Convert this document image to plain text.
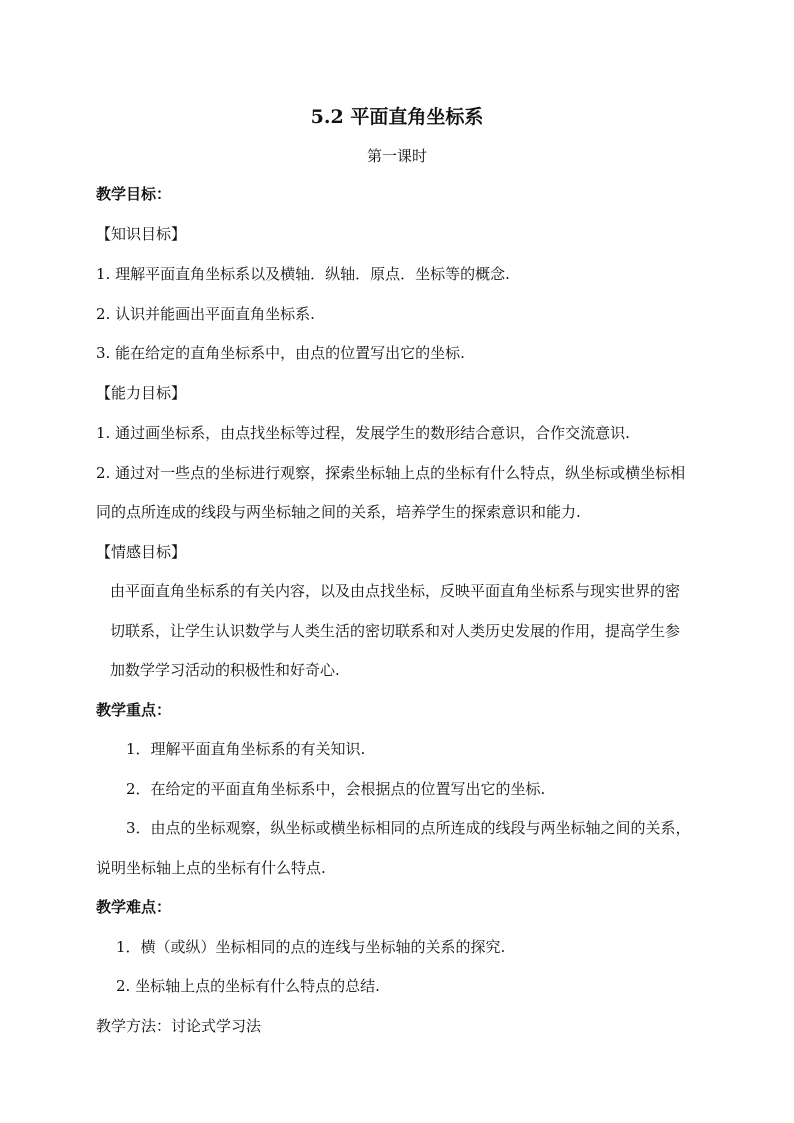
5.2 平面直角坐标系
第一课时
教学目标：
【知识目标】
1. 理解平面直角坐标系以及横轴．纵轴．原点．坐标等的概念.
2. 认识并能画出平面直角坐标系.
3. 能在给定的直角坐标系中，由点的位置写出它的坐标.
【能力目标】
1. 通过画坐标系，由点找坐标等过程，发展学生的数形结合意识，合作交流意识.
2. 通过对一些点的坐标进行观察，探索坐标轴上点的坐标有什么特点，纵坐标或横坐标相
同的点所连成的线段与两坐标轴之间的关系，培养学生的探索意识和能力.
【情感目标】
由平面直角坐标系的有关内容，以及由点找坐标，反映平面直角坐标系与现实世界的密
切联系，让学生认识数学与人类生活的密切联系和对人类历史发展的作用，提高学生参
加数学学习活动的积极性和好奇心.
教学重点：
1．理解平面直角坐标系的有关知识.
2．在给定的平面直角坐标系中，会根据点的位置写出它的坐标.
3．由点的坐标观察，纵坐标或横坐标相同的点所连成的线段与两坐标轴之间的关系，
说明坐标轴上点的坐标有什么特点.
教学难点：
1．横（或纵）坐标相同的点的连线与坐标轴的关系的探究.
2. 坐标轴上点的坐标有什么特点的总结.
教学方法：讨论式学习法
